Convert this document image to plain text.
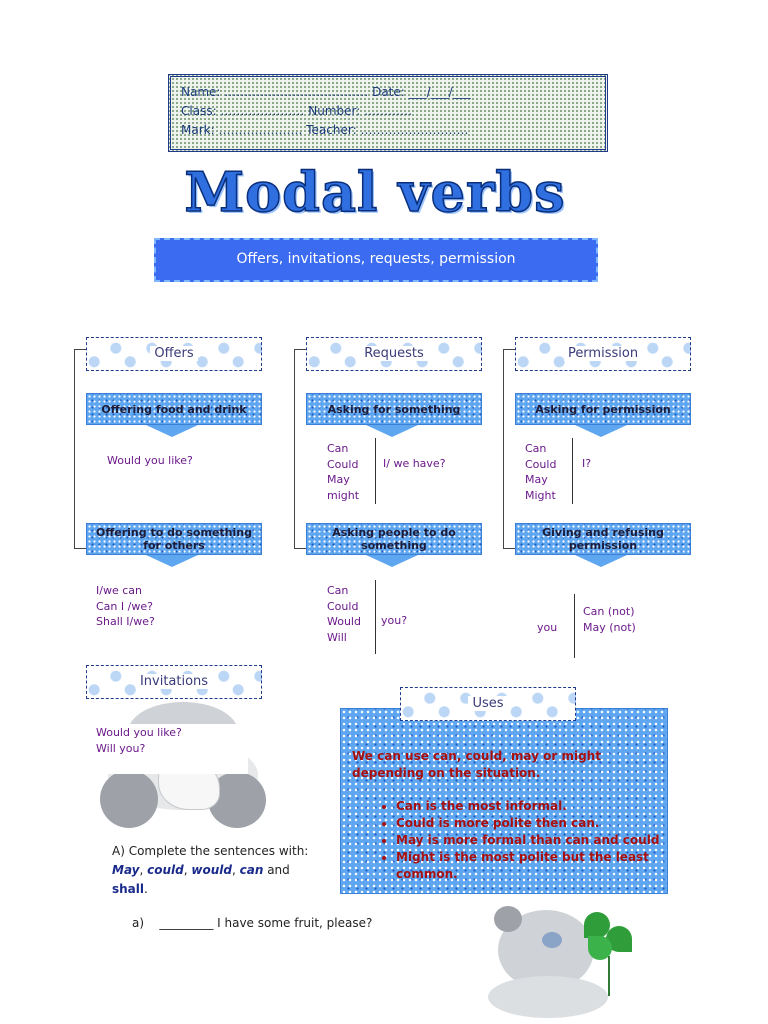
Name: ……………………………… Date: ___/___/___
Class: ………………… Number: …………
Mark: ………………… Teacher: ………………………
Modal verbs
Offers, invitations, requests, permission
Offers
Offering food and drink
Would you like?
Offering to do something for others
I/we can
Can I /we?
Shall I/we?
Requests
Asking for something
Can
Could
May
might
I/ we have?
Asking people to do something
Can
Could
Would
Will
you?
Permission
Asking for permission
Can
Could
May
Might
I?
Giving and refusing permission
you
Can (not)
May (not)
Invitations
Would you like?
Will you?
Uses
We can use can, could, may or might depending on the situation.
• Can is the most informal.
• Could is more polite then can.
• May is more formal than can and could
• Might is the most polite but the least common.
A) Complete the sentences with:
May, could, would, can and
shall.
a) _________ I have some fruit, please?
